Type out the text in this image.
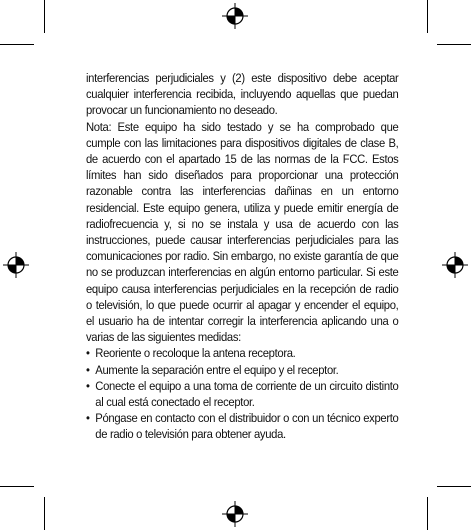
interferencias perjudiciales y (2) este dispositivo debe aceptar cualquier interferencia recibida, incluyendo aquellas que puedan provocar un funcionamiento no deseado.

Nota: Este equipo ha sido testado y se ha comprobado que cumple con las limitaciones para dispositivos digitales de clase B, de acuerdo con el apartado 15 de las normas de la FCC. Estos límites han sido diseñados para proporcionar una protección razonable contra las interferencias dañinas en un entorno residencial. Este equipo genera, utiliza y puede emitir energía de radiofrecuencia y, si no se instala y usa de acuerdo con las instrucciones, puede causar interferencias perjudiciales para las comunicaciones por radio. Sin embargo, no existe garantía de que no se produzcan interferencias en algún entorno particular. Si este equipo causa interferencias perjudiciales en la recepción de radio o televisión, lo que puede ocurrir al apagar y encender el equipo, el usuario ha de intentar corregir la interferencia aplicando una o varias de las siguientes medidas:

• Reoriente o recoloque la antena receptora.
• Aumente la separación entre el equipo y el receptor.
• Conecte el equipo a una toma de corriente de un circuito distinto al cual está conectado el receptor.
• Póngase en contacto con el distribuidor o con un técnico experto de radio o televisión para obtener ayuda.
